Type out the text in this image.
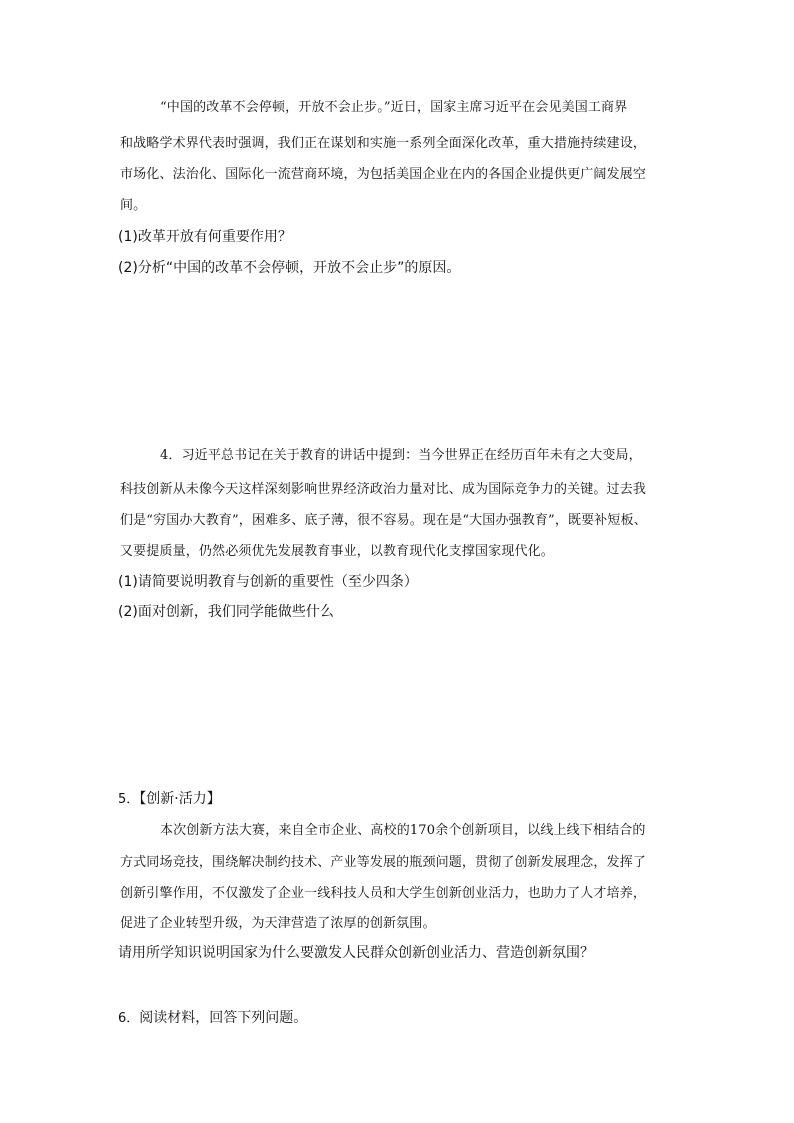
“中国的改革不会停顿，开放不会止步。”近日，国家主席习近平在会见美国工商界
和战略学术界代表时强调，我们正在谋划和实施一系列全面深化改革，重大措施持续建设，
市场化、法治化、国际化一流营商环境，为包括美国企业在内的各国企业提供更广阔发展空
间。
(1)改革开放有何重要作用？
(2)分析“中国的改革不会停顿，开放不会止步”的原因。
4．习近平总书记在关于教育的讲话中提到：当今世界正在经历百年未有之大变局，
科技创新从未像今天这样深刻影响世界经济政治力量对比、成为国际竞争力的关键。过去我
们是“穷国办大教育”，困难多、底子薄，很不容易。现在是“大国办强教育”，既要补短板、
又要提质量，仍然必须优先发展教育事业，以教育现代化支撑国家现代化。
(1)请简要说明教育与创新的重要性（至少四条）
(2)面对创新，我们同学能做些什么
5．【创新·活力】
本次创新方法大赛，来自全市企业、高校的170余个创新项目，以线上线下相结合的
方式同场竞技，围绕解决制约技术、产业等发展的瓶颈问题，贯彻了创新发展理念，发挥了
创新引擎作用，不仅激发了企业一线科技人员和大学生创新创业活力，也助力了人才培养，
促进了企业转型升级，为天津营造了浓厚的创新氛围。
请用所学知识说明国家为什么要激发人民群众创新创业活力、营造创新氛围？
6．阅读材料，回答下列问题。
